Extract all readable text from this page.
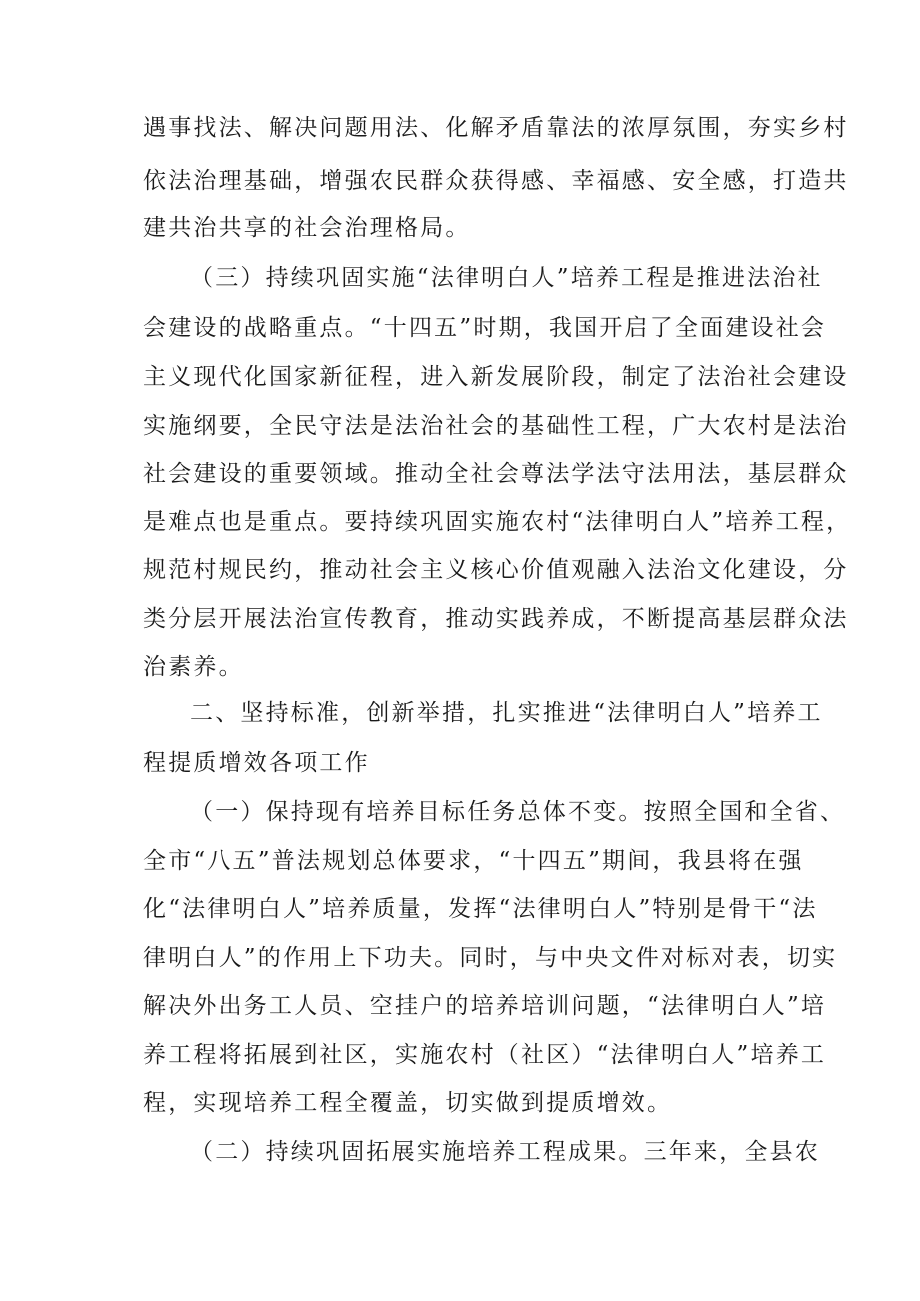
遇事找法、解决问题用法、化解矛盾靠法的浓厚氛围，夯实乡村
依法治理基础，增强农民群众获得感、幸福感、安全感，打造共
建共治共享的社会治理格局。
（三）持续巩固实施“法律明白人”培养工程是推进法治社
会建设的战略重点。“十四五”时期，我国开启了全面建设社会
主义现代化国家新征程，进入新发展阶段，制定了法治社会建设
实施纲要，全民守法是法治社会的基础性工程，广大农村是法治
社会建设的重要领域。推动全社会尊法学法守法用法，基层群众
是难点也是重点。要持续巩固实施农村“法律明白人”培养工程，
规范村规民约，推动社会主义核心价值观融入法治文化建设，分
类分层开展法治宣传教育，推动实践养成，不断提高基层群众法
治素养。
二、坚持标准，创新举措，扎实推进“法律明白人”培养工
程提质增效各项工作
（一）保持现有培养目标任务总体不变。按照全国和全省、
全市“八五”普法规划总体要求，“十四五”期间，我县将在强
化“法律明白人”培养质量，发挥“法律明白人”特别是骨干“法
律明白人”的作用上下功夫。同时，与中央文件对标对表，切实
解决外出务工人员、空挂户的培养培训问题，“法律明白人”培
养工程将拓展到社区，实施农村（社区）“法律明白人”培养工
程，实现培养工程全覆盖，切实做到提质增效。
（二）持续巩固拓展实施培养工程成果。三年来，全县农
